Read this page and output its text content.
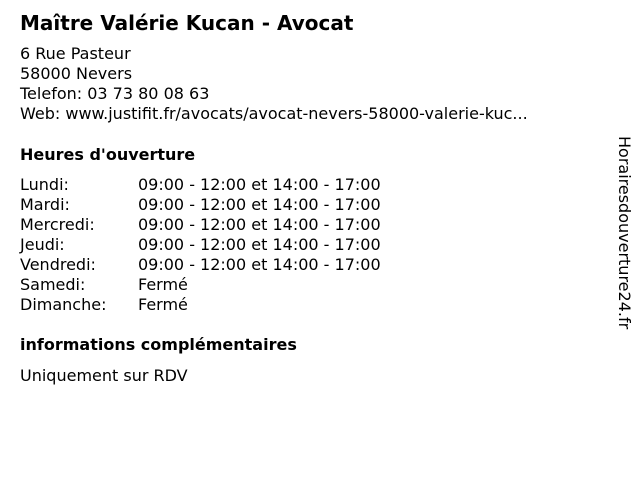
Maître Valérie Kucan - Avocat
6 Rue Pasteur
58000 Nevers
Telefon: 03 73 80 08 63
Web: www.justifit.fr/avocats/avocat-nevers-58000-valerie-kuc...
Heures d'ouverture
Lundi:	09:00 - 12:00 et 14:00 - 17:00
Mardi:	09:00 - 12:00 et 14:00 - 17:00
Mercredi:	09:00 - 12:00 et 14:00 - 17:00
Jeudi:	09:00 - 12:00 et 14:00 - 17:00
Vendredi:	09:00 - 12:00 et 14:00 - 17:00
Samedi:	Fermé
Dimanche: Fermé
informations complémentaires
Uniquement sur RDV
Horairesdouverture24.fr
